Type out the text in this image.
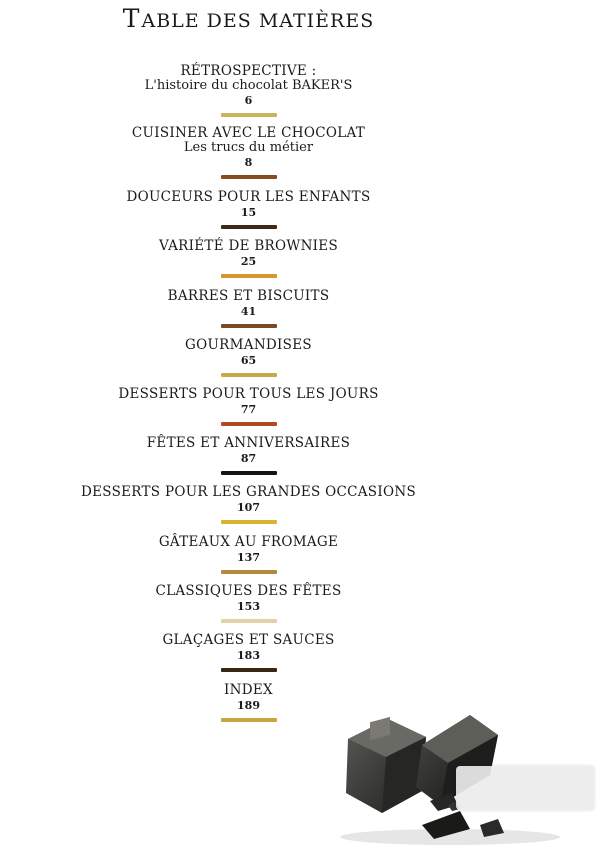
TABLE DES MATIÈRES
RÉTROSPECTIVE :
L'histoire du chocolat BAKER'S
6
CUISINER AVEC LE CHOCOLAT
Les trucs du métier
8
DOUCEURS POUR LES ENFANTS
15
VARIÉTÉ DE BROWNIES
25
BARRES ET BISCUITS
41
GOURMANDISES
65
DESSERTS POUR TOUS LES JOURS
77
FÊTES ET ANNIVERSAIRES
87
DESSERTS POUR LES GRANDES OCCASIONS
107
GÂTEAUX AU FROMAGE
137
CLASSIQUES DES FÊTES
153
GLAÇAGES ET SAUCES
183
INDEX
189
